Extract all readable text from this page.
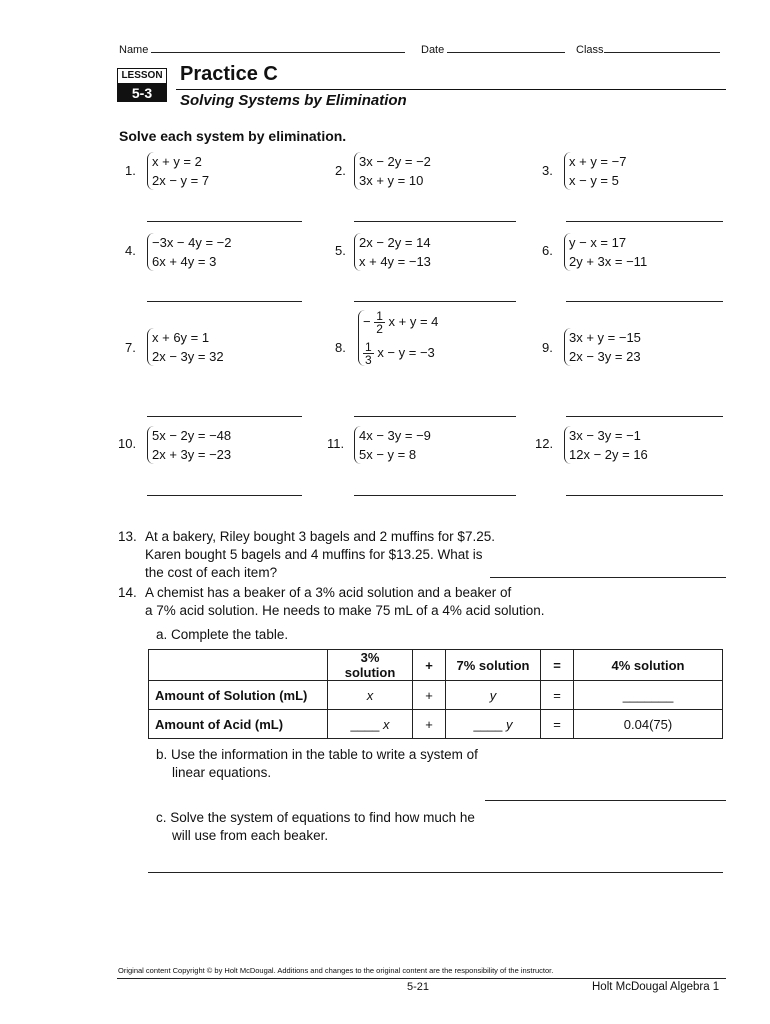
Name	Date	Class
LESSON
5-3
Practice C
Solving Systems by Elimination
Solve each system by elimination.
1.
x + y = 2
2x − y = 7
2.
3x − 2y = −2
3x + y = 10
3.
x + y = −7
x − y = 5
4.
−3x − 4y = −2
6x + 4y = 3
5.
2x − 2y = 14
x + 4y = −13
6.
y − x = 17
2y + 3x = −11
7.
x + 6y = 1
2x − 3y = 32
8.
− $\frac{1}{2}$ x + y = 4
$\frac{1}{3}$ x − y = −3	9.
3x + y = −15
2x − 3y = 23
10.
5x − 2y = −48
2x + 3y = −23
11.
4x − 3y = −9
5x − y = 8
12.
3x − 3y = −1
12x − 2y = 16
13. At a bakery, Riley bought 3 bagels and 2 muffins for $7.25.
Karen bought 5 bagels and 4 muffins for $13.25. What is
the cost of each item?
14. A chemist has a beaker of a 3% acid solution and a beaker of
a 7% acid solution. He needs to make 75 mL of a 4% acid solution.
a. Complete the table.
	3% solution	+	7% solution	=	4% solution
Amount of Solution (mL)	x	+	y	=	_______
Amount of Acid (mL)	____ x	+	____ y	=	0.04(75)
b. Use the information in the table to write a system of
linear equations.
c. Solve the system of equations to find how much he
will use from each beaker.
Original content Copyright © by Holt McDougal. Additions and changes to the original content are the responsibility of the instructor.
5-21	Holt McDougal Algebra 1
